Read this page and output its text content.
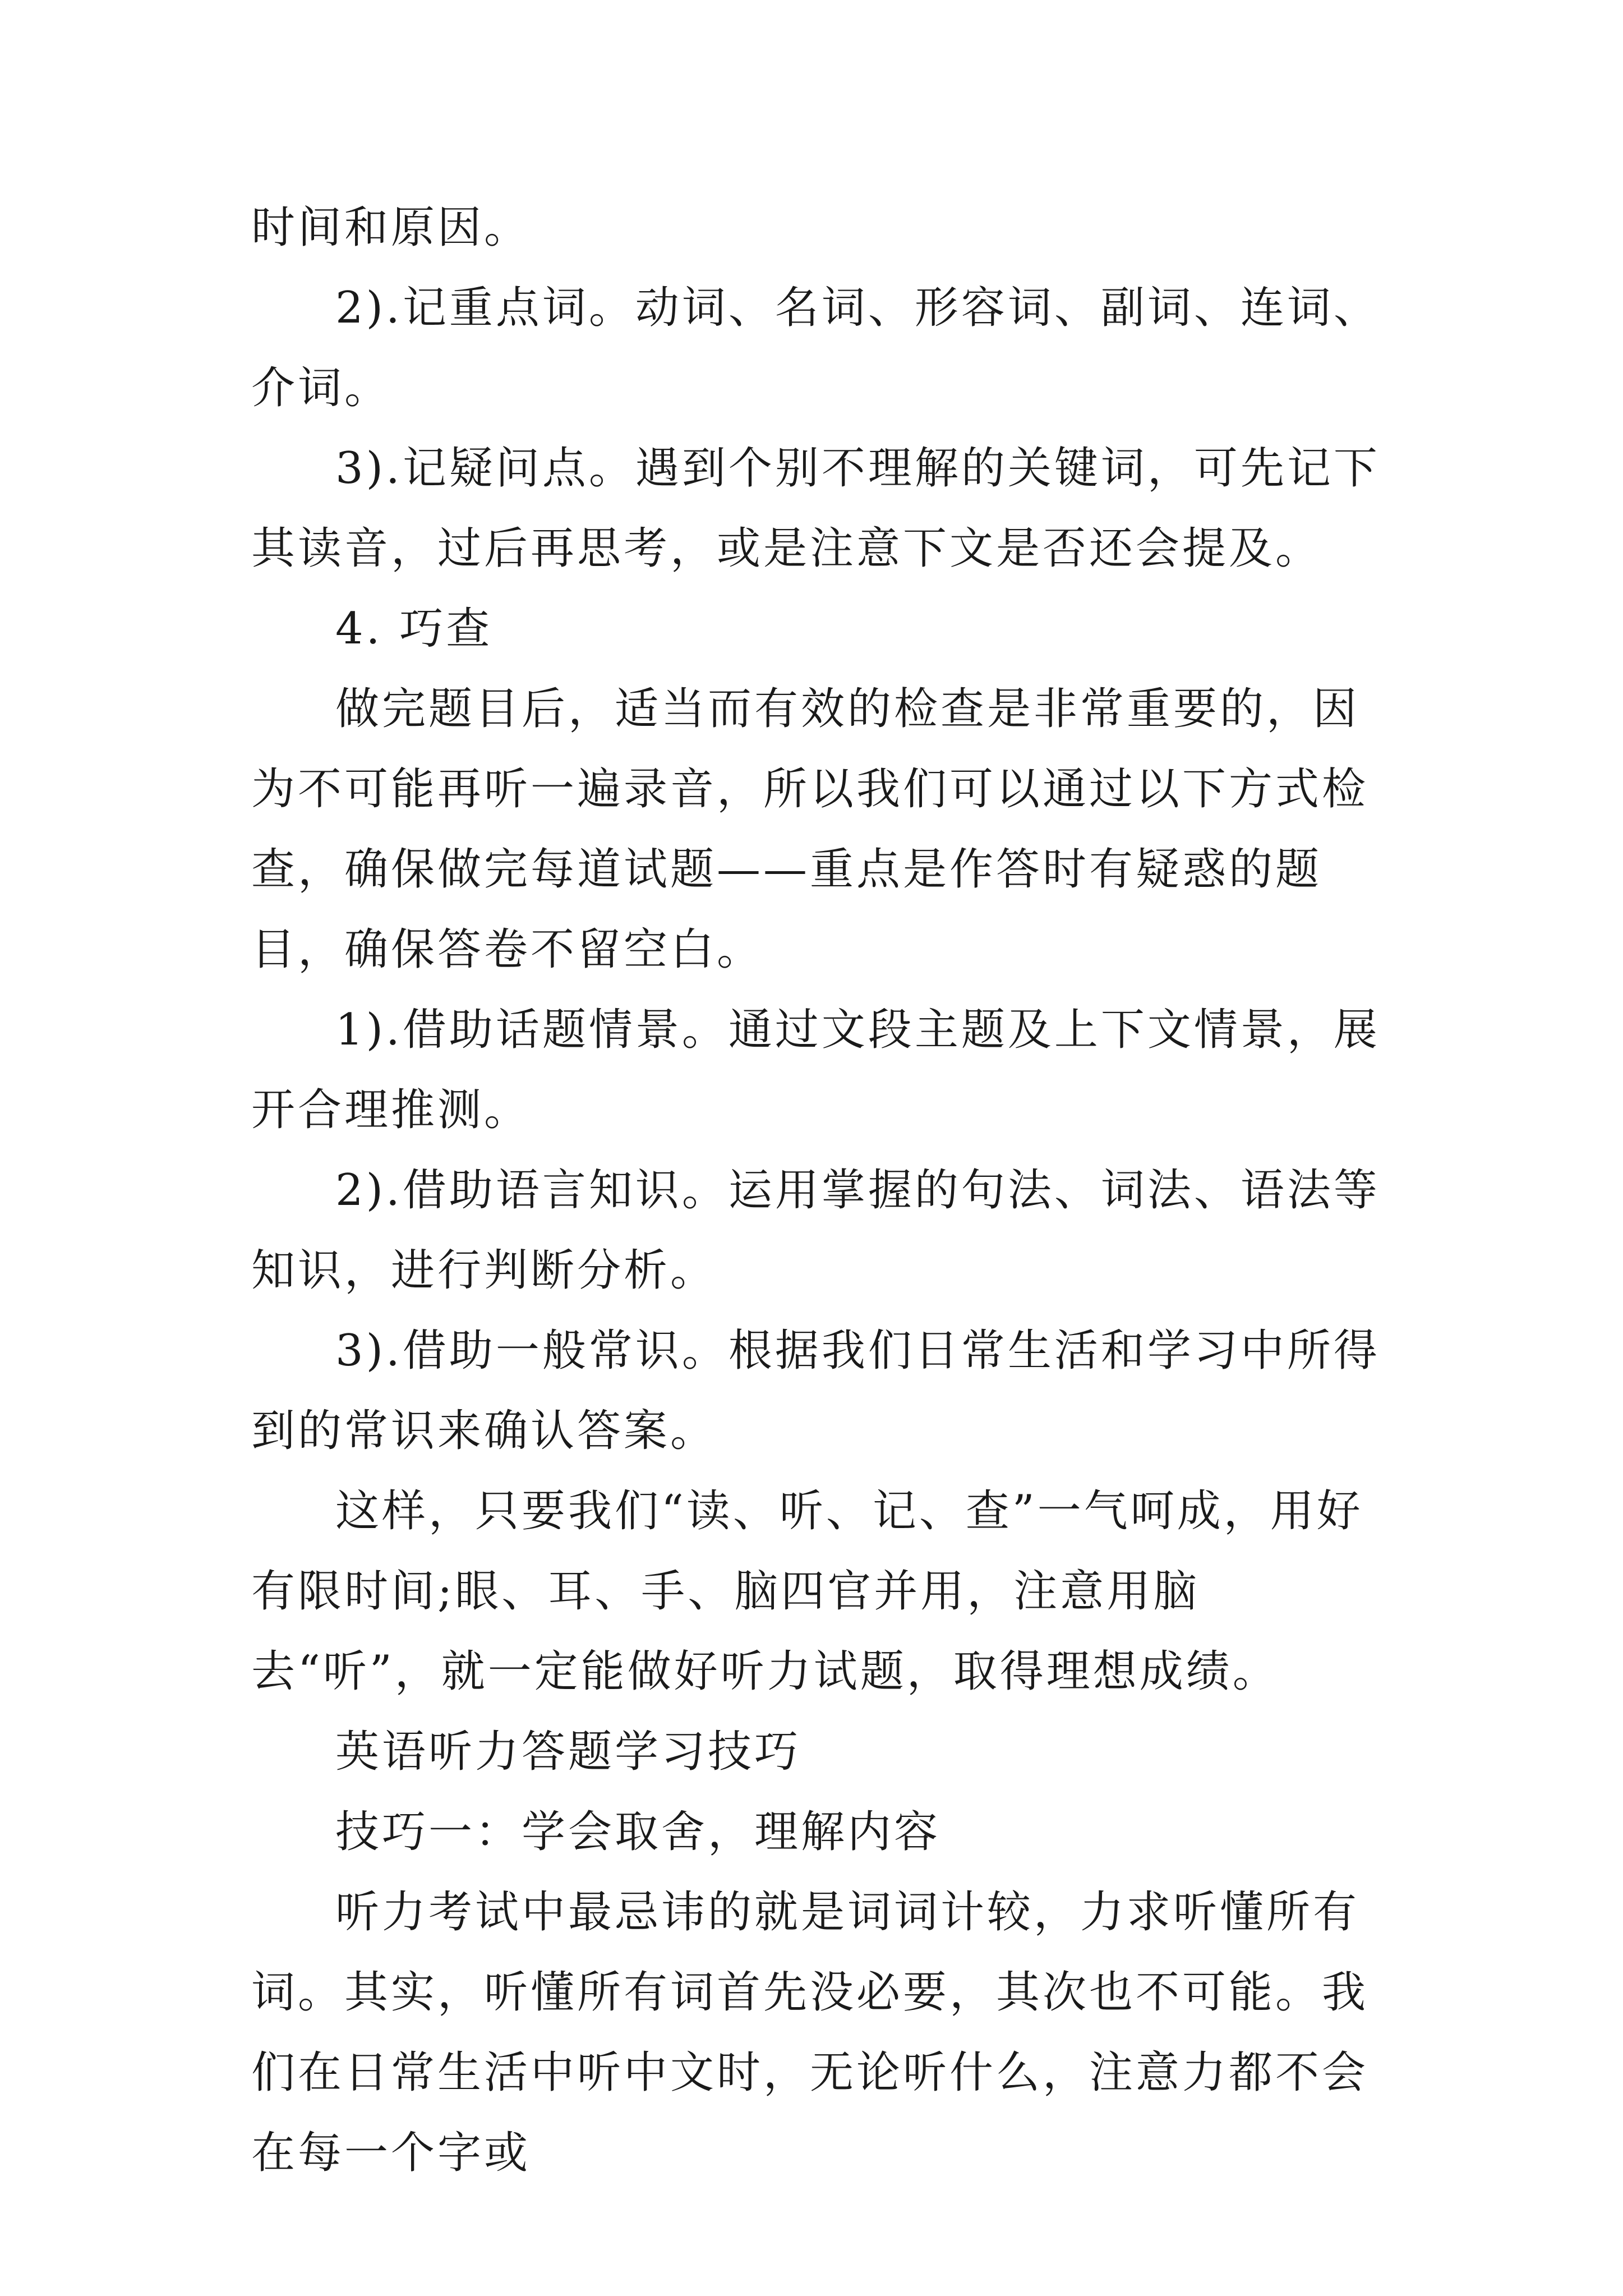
时间和原因。

2).记重点词。动词、名词、形容词、副词、连词、介词。

3).记疑问点。遇到个别不理解的关键词，可先记下其读音，过后再思考，或是注意下文是否还会提及。

4. 巧查

做完题目后，适当而有效的检查是非常重要的，因为不可能再听一遍录音，所以我们可以通过以下方式检查，确保做完每道试题——重点是作答时有疑惑的题目，确保答卷不留空白。

1).借助话题情景。通过文段主题及上下文情景，展开合理推测。

2).借助语言知识。运用掌握的句法、词法、语法等知识，进行判断分析。

3).借助一般常识。根据我们日常生活和学习中所得到的常识来确认答案。

这样，只要我们“读、听、记、查”一气呵成，用好有限时间;眼、耳、手、脑四官并用，注意用脑去“听”，就一定能做好听力试题，取得理想成绩。

英语听力答题学习技巧

技巧一：学会取舍，理解内容

听力考试中最忌讳的就是词词计较，力求听懂所有词。其实，听懂所有词首先没必要，其次也不可能。我们在日常生活中听中文时，无论听什么，注意力都不会在每一个字或
